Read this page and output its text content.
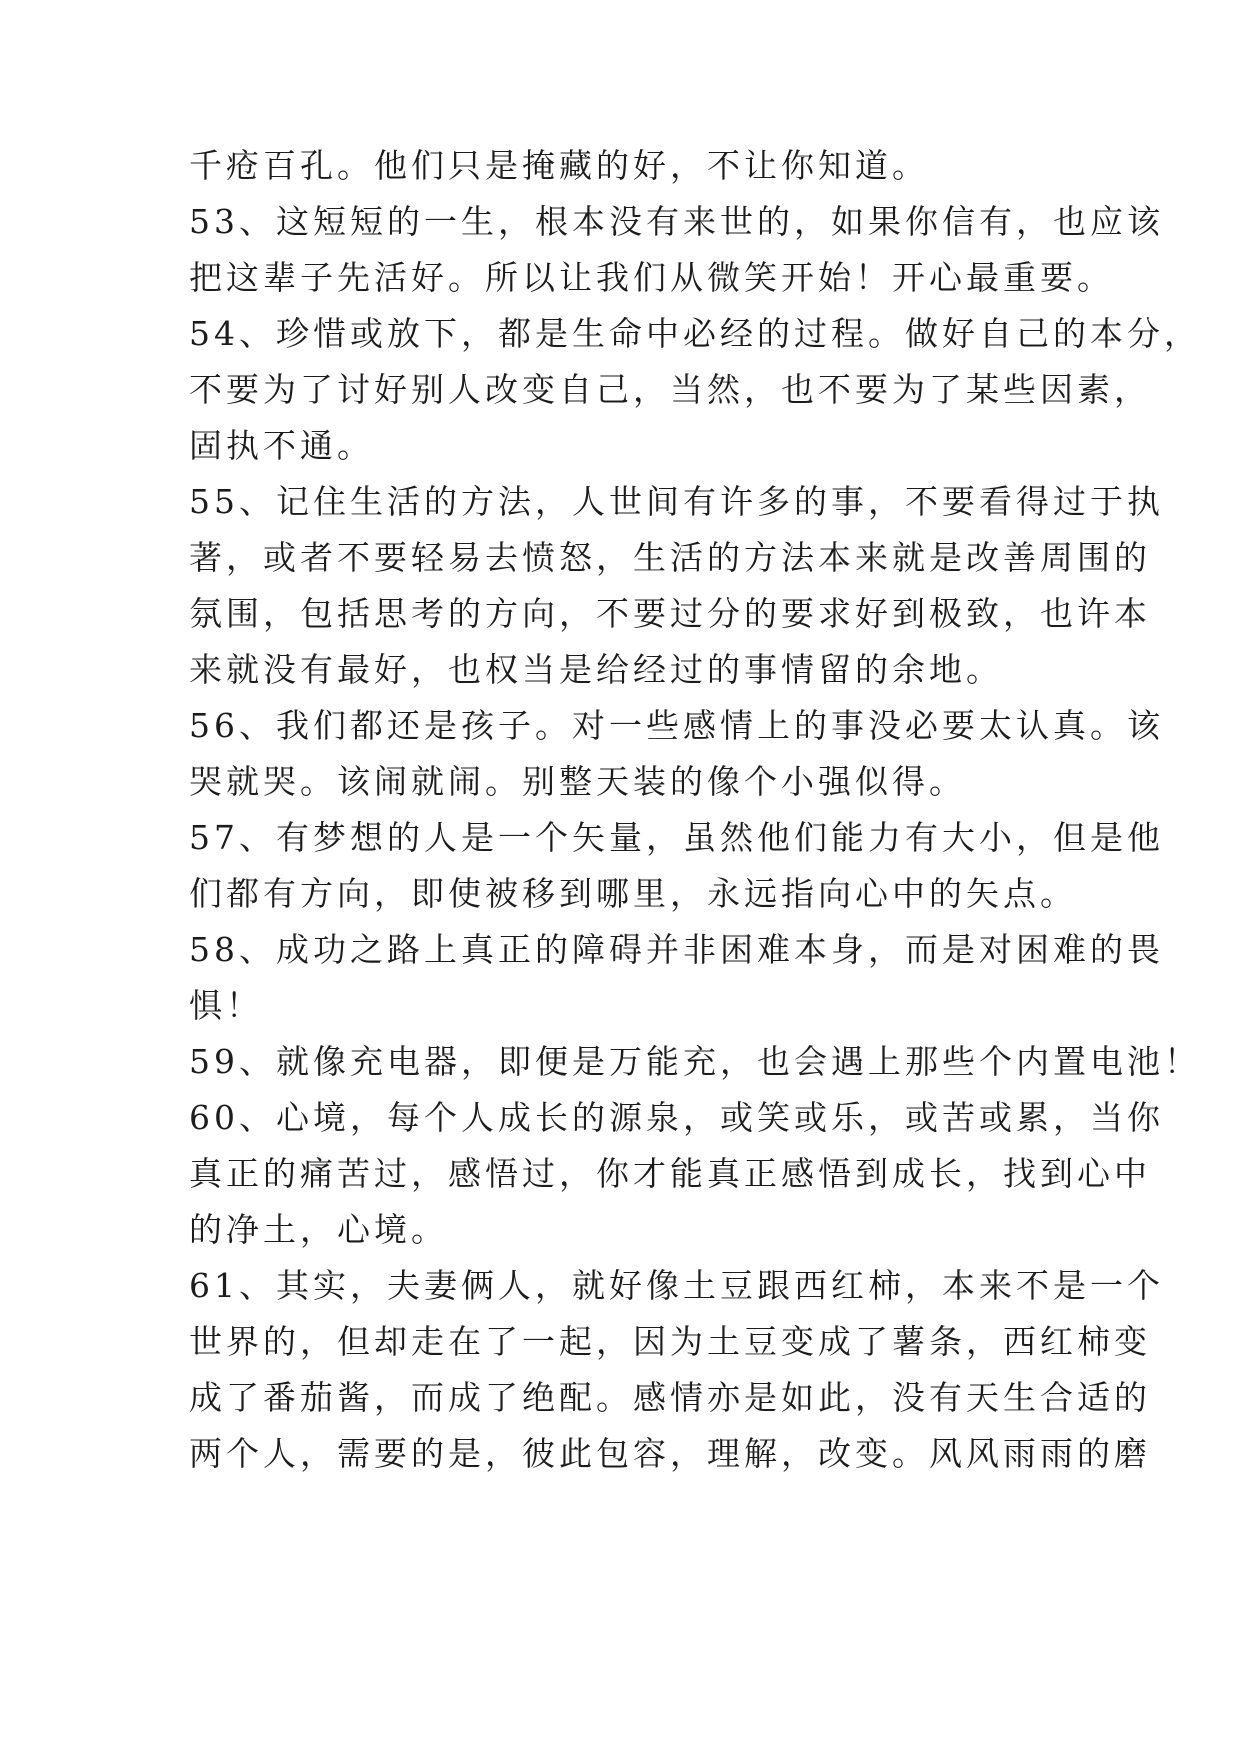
千疮百孔。他们只是掩藏的好，不让你知道。
53、这短短的一生，根本没有来世的，如果你信有，也应该
把这辈子先活好。所以让我们从微笑开始！开心最重要。
54、珍惜或放下，都是生命中必经的过程。做好自己的本分，
不要为了讨好别人改变自己，当然，也不要为了某些因素，
固执不通。
55、记住生活的方法，人世间有许多的事，不要看得过于执
著，或者不要轻易去愤怒，生活的方法本来就是改善周围的
氛围，包括思考的方向，不要过分的要求好到极致，也许本
来就没有最好，也权当是给经过的事情留的余地。
56、我们都还是孩子。对一些感情上的事没必要太认真。该
哭就哭。该闹就闹。别整天装的像个小强似得。
57、有梦想的人是一个矢量，虽然他们能力有大小，但是他
们都有方向，即使被移到哪里，永远指向心中的矢点。
58、成功之路上真正的障碍并非困难本身，而是对困难的畏
惧！
59、就像充电器，即便是万能充，也会遇上那些个内置电池！
60、心境，每个人成长的源泉，或笑或乐，或苦或累，当你
真正的痛苦过，感悟过，你才能真正感悟到成长，找到心中
的净土，心境。
61、其实，夫妻俩人，就好像土豆跟西红柿，本来不是一个
世界的，但却走在了一起，因为土豆变成了薯条，西红柿变
成了番茄酱，而成了绝配。感情亦是如此，没有天生合适的
两个人，需要的是，彼此包容，理解，改变。风风雨雨的磨
